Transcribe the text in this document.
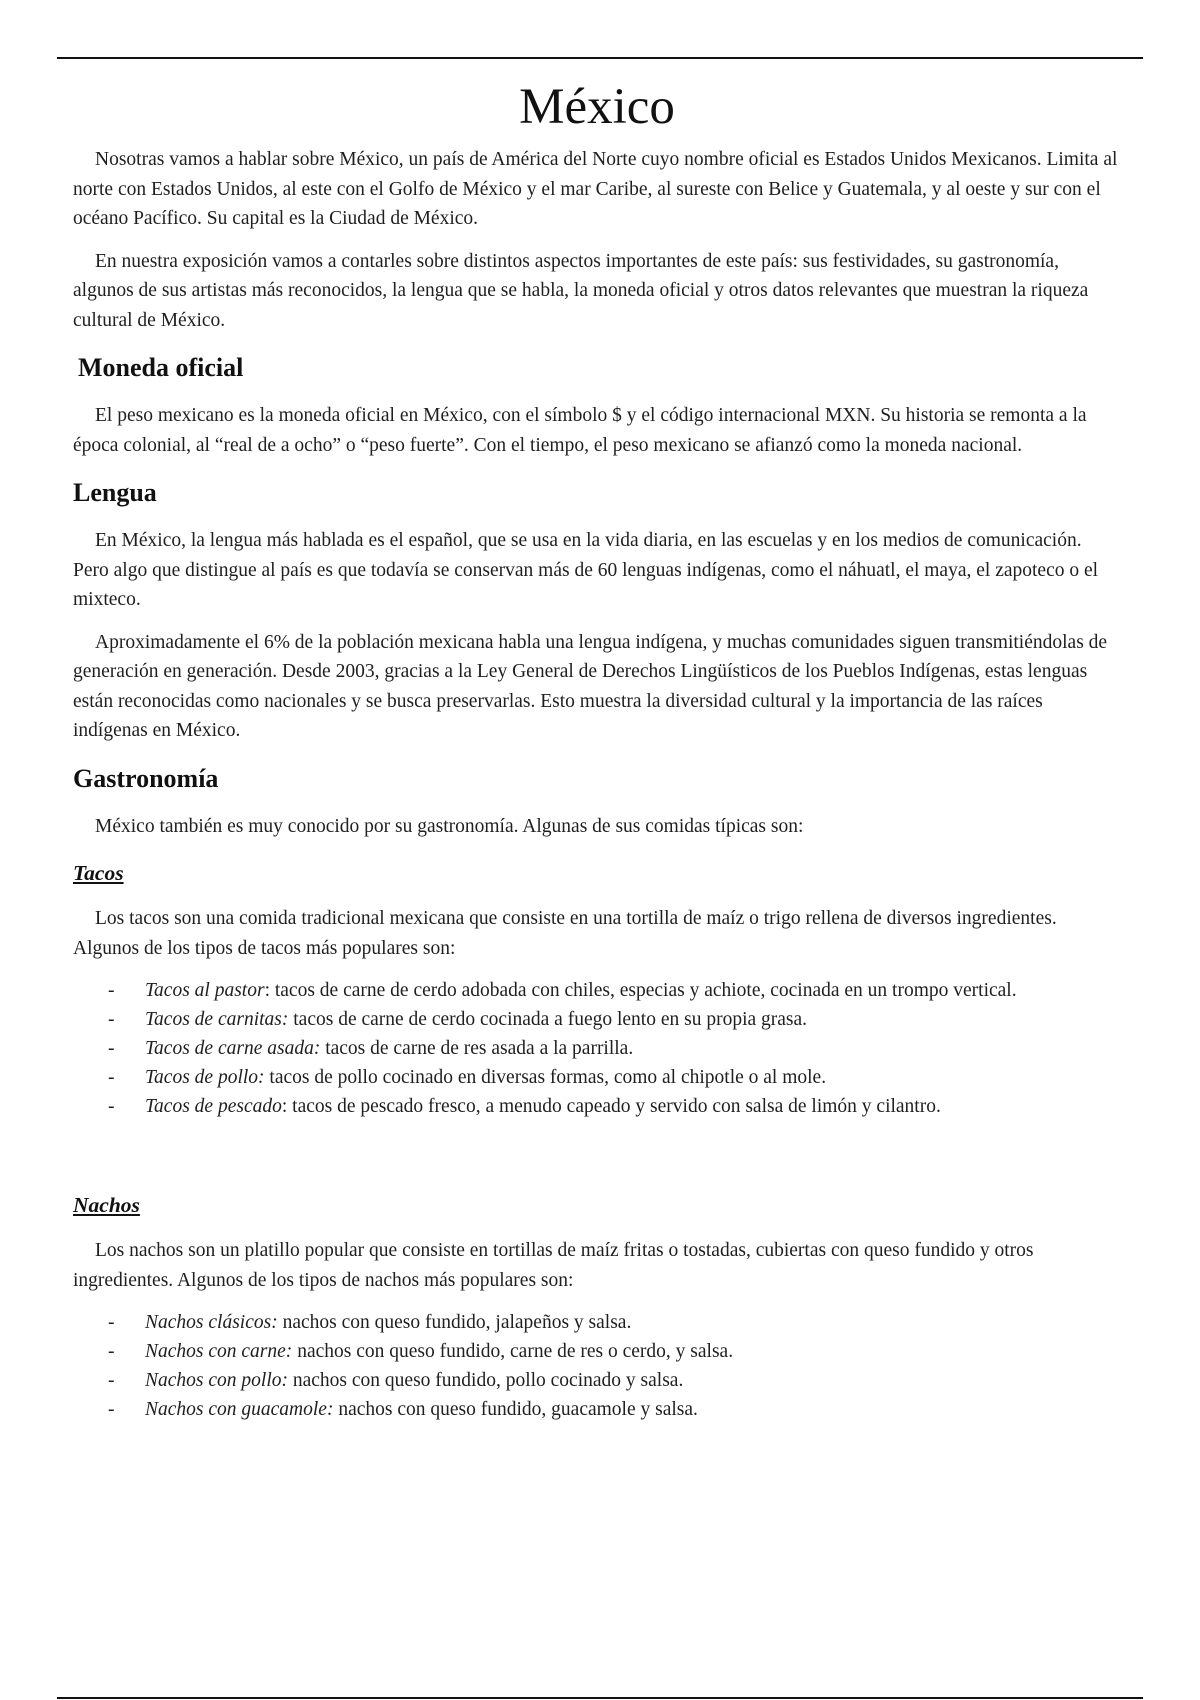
México

Nosotras vamos a hablar sobre México, un país de América del Norte cuyo nombre oficial es Estados Unidos Mexicanos. Limita al norte con Estados Unidos, al este con el Golfo de México y el mar Caribe, al sureste con Belice y Guatemala, y al oeste y sur con el océano Pacífico. Su capital es la Ciudad de México.

En nuestra exposición vamos a contarles sobre distintos aspectos importantes de este país: sus festividades, su gastronomía, algunos de sus artistas más reconocidos, la lengua que se habla, la moneda oficial y otros datos relevantes que muestran la riqueza cultural de México.

Moneda oficial

El peso mexicano es la moneda oficial en México, con el símbolo $ y el código internacional MXN. Su historia se remonta a la época colonial, al “real de a ocho” o “peso fuerte”. Con el tiempo, el peso mexicano se afianzó como la moneda nacional.

Lengua

En México, la lengua más hablada es el español, que se usa en la vida diaria, en las escuelas y en los medios de comunicación. Pero algo que distingue al país es que todavía se conservan más de 60 lenguas indígenas, como el náhuatl, el maya, el zapoteco o el mixteco.

Aproximadamente el 6% de la población mexicana habla una lengua indígena, y muchas comunidades siguen transmitiéndolas de generación en generación. Desde 2003, gracias a la Ley General de Derechos Lingüísticos de los Pueblos Indígenas, estas lenguas están reconocidas como nacionales y se busca preservarlas. Esto muestra la diversidad cultural y la importancia de las raíces indígenas en México.

Gastronomía

México también es muy conocido por su gastronomía. Algunas de sus comidas típicas son:

Tacos

Los tacos son una comida tradicional mexicana que consiste en una tortilla de maíz o trigo rellena de diversos ingredientes. Algunos de los tipos de tacos más populares son:

- Tacos al pastor: tacos de carne de cerdo adobada con chiles, especias y achiote, cocinada en un trompo vertical.
- Tacos de carnitas: tacos de carne de cerdo cocinada a fuego lento en su propia grasa.
- Tacos de carne asada: tacos de carne de res asada a la parrilla.
- Tacos de pollo: tacos de pollo cocinado en diversas formas, como al chipotle o al mole.
- Tacos de pescado: tacos de pescado fresco, a menudo capeado y servido con salsa de limón y cilantro.
Nachos

Los nachos son un platillo popular que consiste en tortillas de maíz fritas o tostadas, cubiertas con queso fundido y otros ingredientes. Algunos de los tipos de nachos más populares son:

- Nachos clásicos: nachos con queso fundido, jalapeños y salsa.
- Nachos con carne: nachos con queso fundido, carne de res o cerdo, y salsa.
- Nachos con pollo: nachos con queso fundido, pollo cocinado y salsa.
- Nachos con guacamole: nachos con queso fundido, guacamole y salsa.
